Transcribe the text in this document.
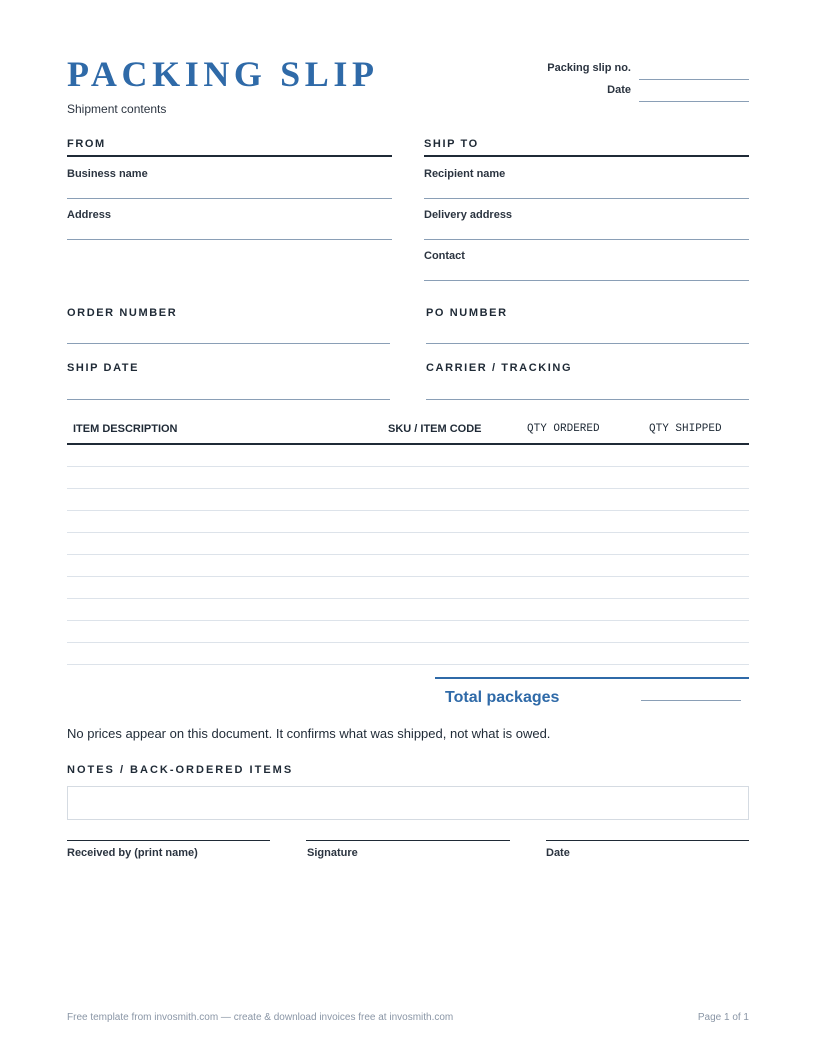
PACKING SLIP
Shipment contents
Packing slip no.
Date
FROM
Business name
Address
SHIP TO
Recipient name
Delivery address
Contact
ORDER NUMBER	PO NUMBER
SHIP DATE	CARRIER / TRACKING
ITEM DESCRIPTION	SKU / ITEM CODE	QTY ORDERED	QTY SHIPPED
Total packages
No prices appear on this document. It confirms what was shipped, not what is owed.
NOTES / BACK-ORDERED ITEMS
Received by (print name)	Signature	Date
Free template from invosmith.com — create & download invoices free at invosmith.com	Page 1 of 1
